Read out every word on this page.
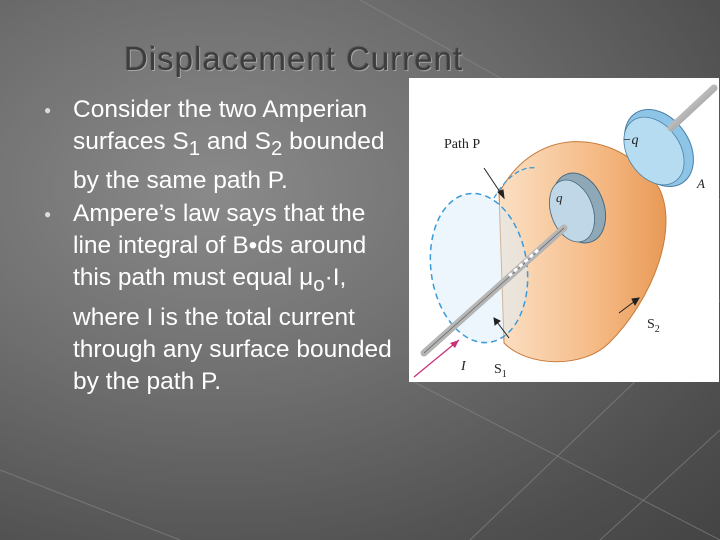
Displacement Current
● Consider the two Amperian surfaces $S_1$ and $S_2$ bounded by the same path P.
● Ampere’s law says that the line integral of B•ds around this path must equal $\mu_o\cdot I$, where I is the total current through any surface bounded by the path P.
Path P	−q
q
A
I $S_1$
$S_2$
